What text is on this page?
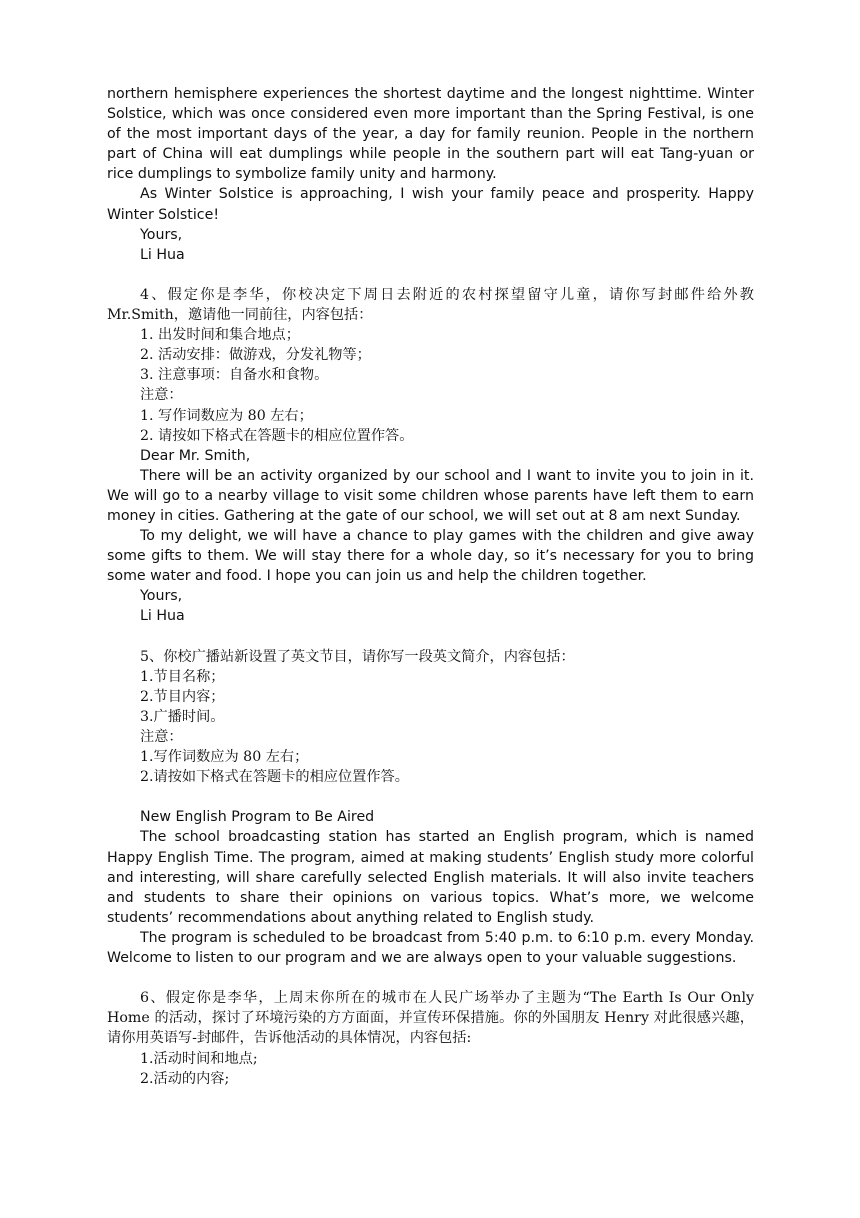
northern hemisphere experiences the shortest daytime and the longest nighttime. Winter Solstice, which was once considered even more important than the Spring Festival, is one of the most important days of the year, a day for family reunion. People in the northern part of China will eat dumplings while people in the southern part will eat Tang-yuan or rice dumplings to symbolize family unity and harmony.

As Winter Solstice is approaching, I wish your family peace and prosperity. Happy Winter Solstice!

Yours,

Li Hua

4、假定你是李华，你校决定下周日去附近的农村探望留守儿童，请你写封邮件给外教Mr.Smith，邀请他一同前往，内容包括：

1. 出发时间和集合地点；

2. 活动安排：做游戏，分发礼物等；

3. 注意事项：自备水和食物。

注意：

1. 写作词数应为 80 左右；

2. 请按如下格式在答题卡的相应位置作答。

Dear Mr. Smith,

There will be an activity organized by our school and I want to invite you to join in it. We will go to a nearby village to visit some children whose parents have left them to earn money in cities. Gathering at the gate of our school, we will set out at 8 am next Sunday.

To my delight, we will have a chance to play games with the children and give away some gifts to them. We will stay there for a whole day, so it’s necessary for you to bring some water and food. I hope you can join us and help the children together.

Yours,

Li Hua

5、你校广播站新设置了英文节目，请你写一段英文简介，内容包括：

1.节目名称；

2.节目内容；

3.广播时间。

注意：

1.写作词数应为 80 左右；

2.请按如下格式在答题卡的相应位置作答。

New English Program to Be Aired

The school broadcasting station has started an English program, which is named Happy English Time. The program, aimed at making students’ English study more colorful and interesting, will share carefully selected English materials. It will also invite teachers and students to share their opinions on various topics. What’s more, we welcome students’ recommendations about anything related to English study.

The program is scheduled to be broadcast from 5:40 p.m. to 6:10 p.m. every Monday. Welcome to listen to our program and we are always open to your valuable suggestions.

6、假定你是李华，上周末你所在的城市在人民广场举办了主题为“The Earth Is Our Only Home 的活动，探讨了环境污染的方方面面，并宣传环保措施。你的外国朋友 Henry 对此很感兴趣，请你用英语写-封邮件，告诉他活动的具体情况，内容包括:

1.活动时间和地点;

2.活动的内容;
